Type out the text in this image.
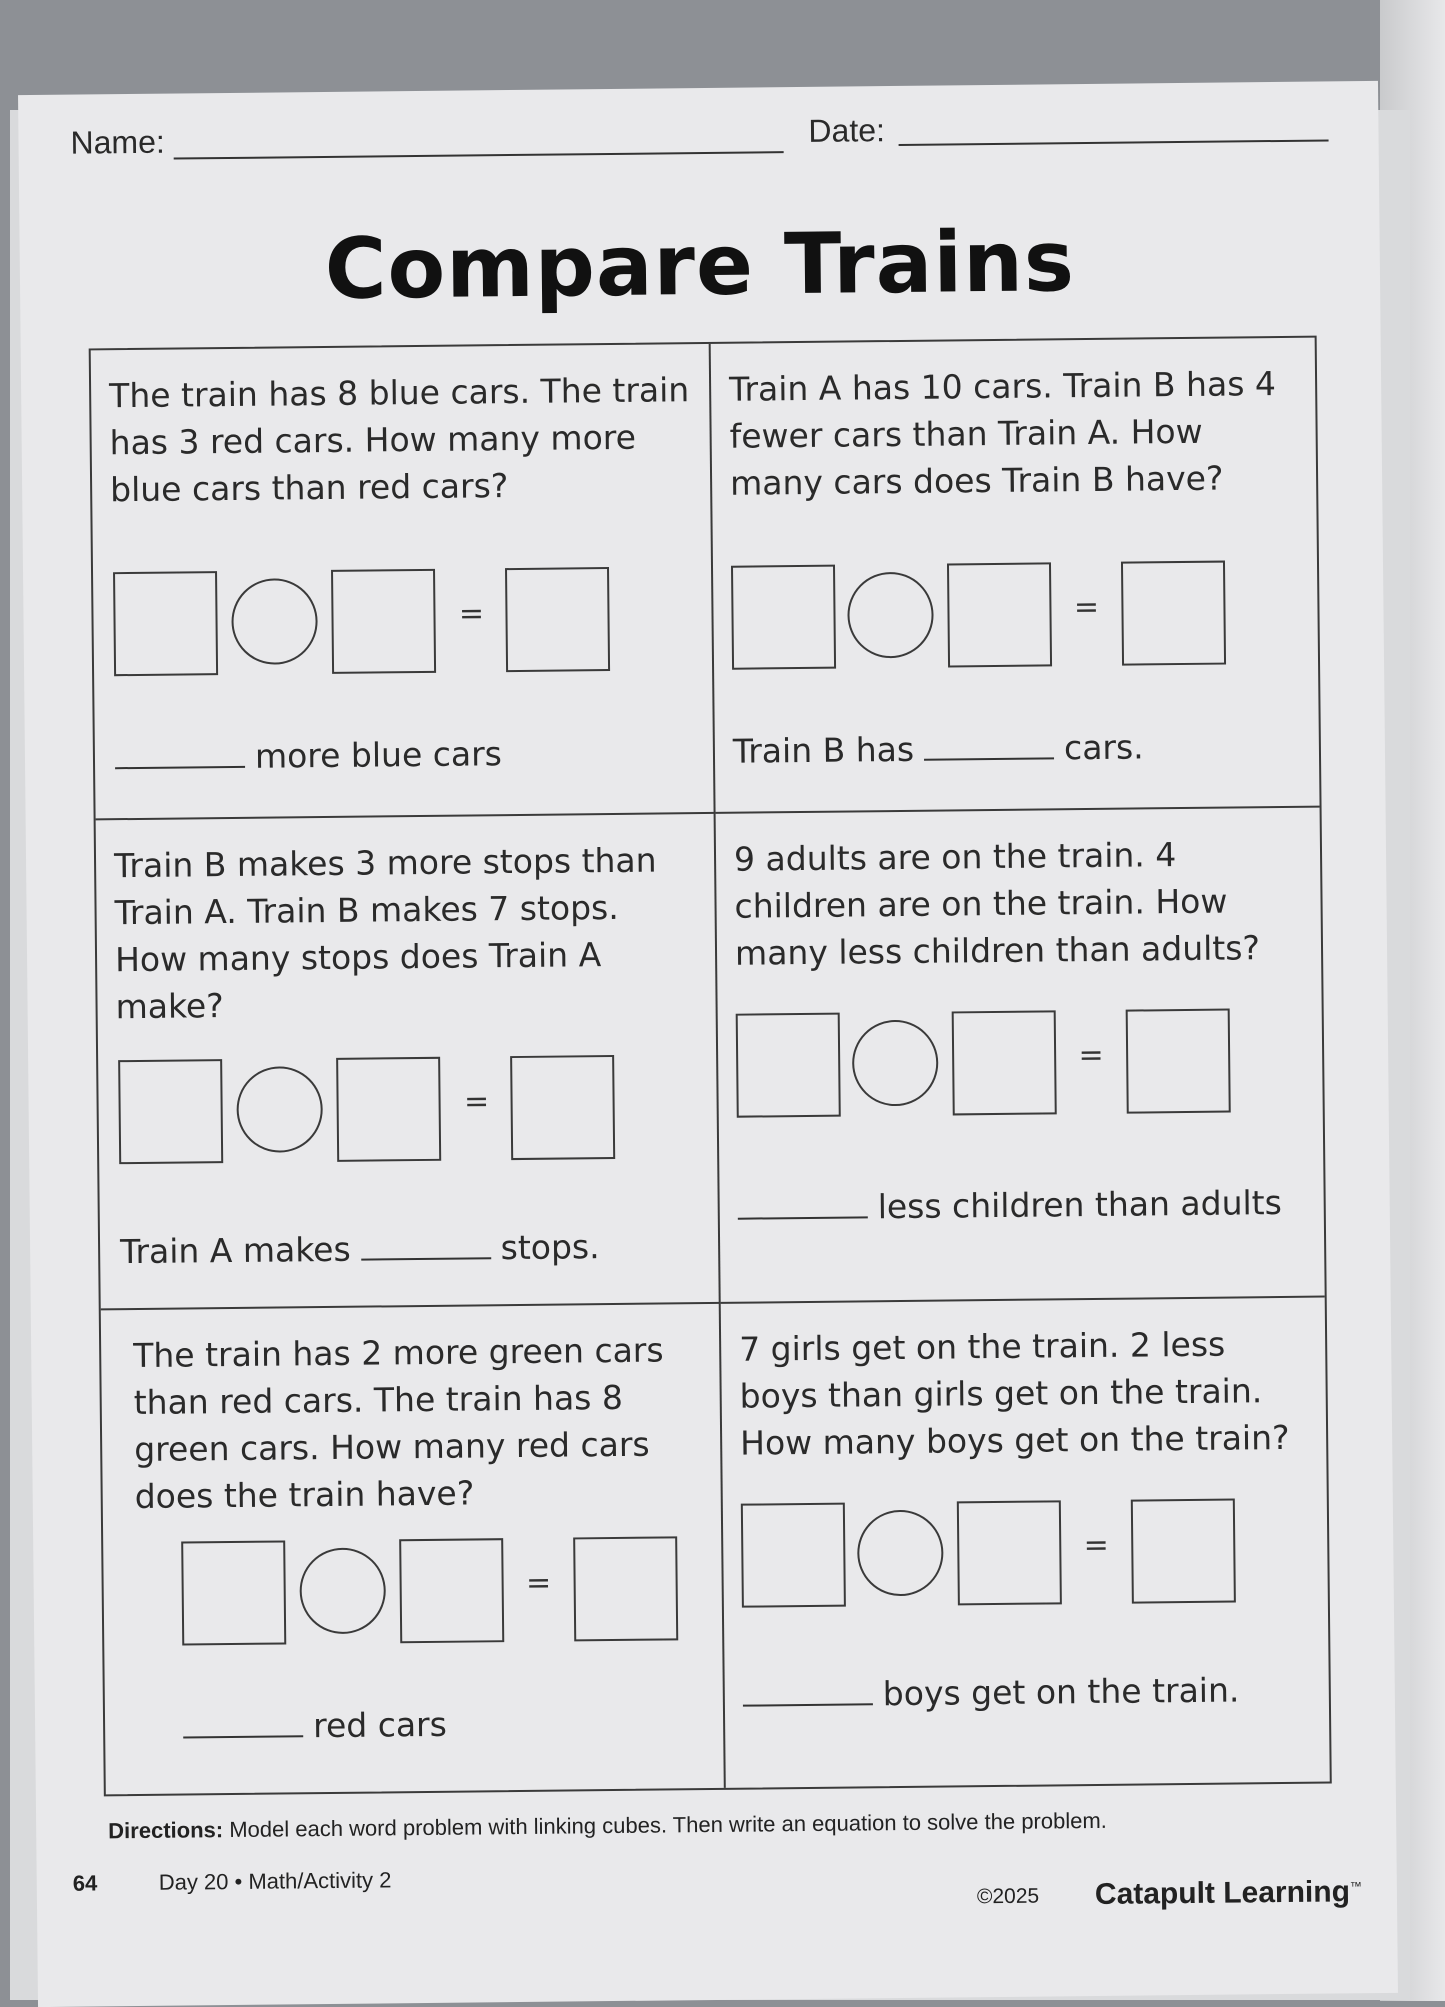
Name:	Date:
Compare Trains
The train has 8 blue cars. The train has 3 red cars. How many more blue cars than red cars?
=
more blue cars
Train A has 10 cars. Train B has 4 fewer cars than Train A. How many cars does Train B have?
=
Train B has	cars.
Train B makes 3 more stops than Train A. Train B makes 7 stops. How many stops does Train A make?
=
Train A makes	stops.
9 adults are on the train. 4 children are on the train. How many less children than adults?
=
less children than adults
The train has 2 more green cars than red cars. The train has 8 green cars. How many red cars does the train have?
=
red cars
7 girls get on the train. 2 less boys than girls get on the train. How many boys get on the train?
=
boys get on the train.
Directions: Model each word problem with linking cubes. Then write an equation to solve the problem.
64	Day 20 • Math/Activity 2
©2025 Catapult Learning™
